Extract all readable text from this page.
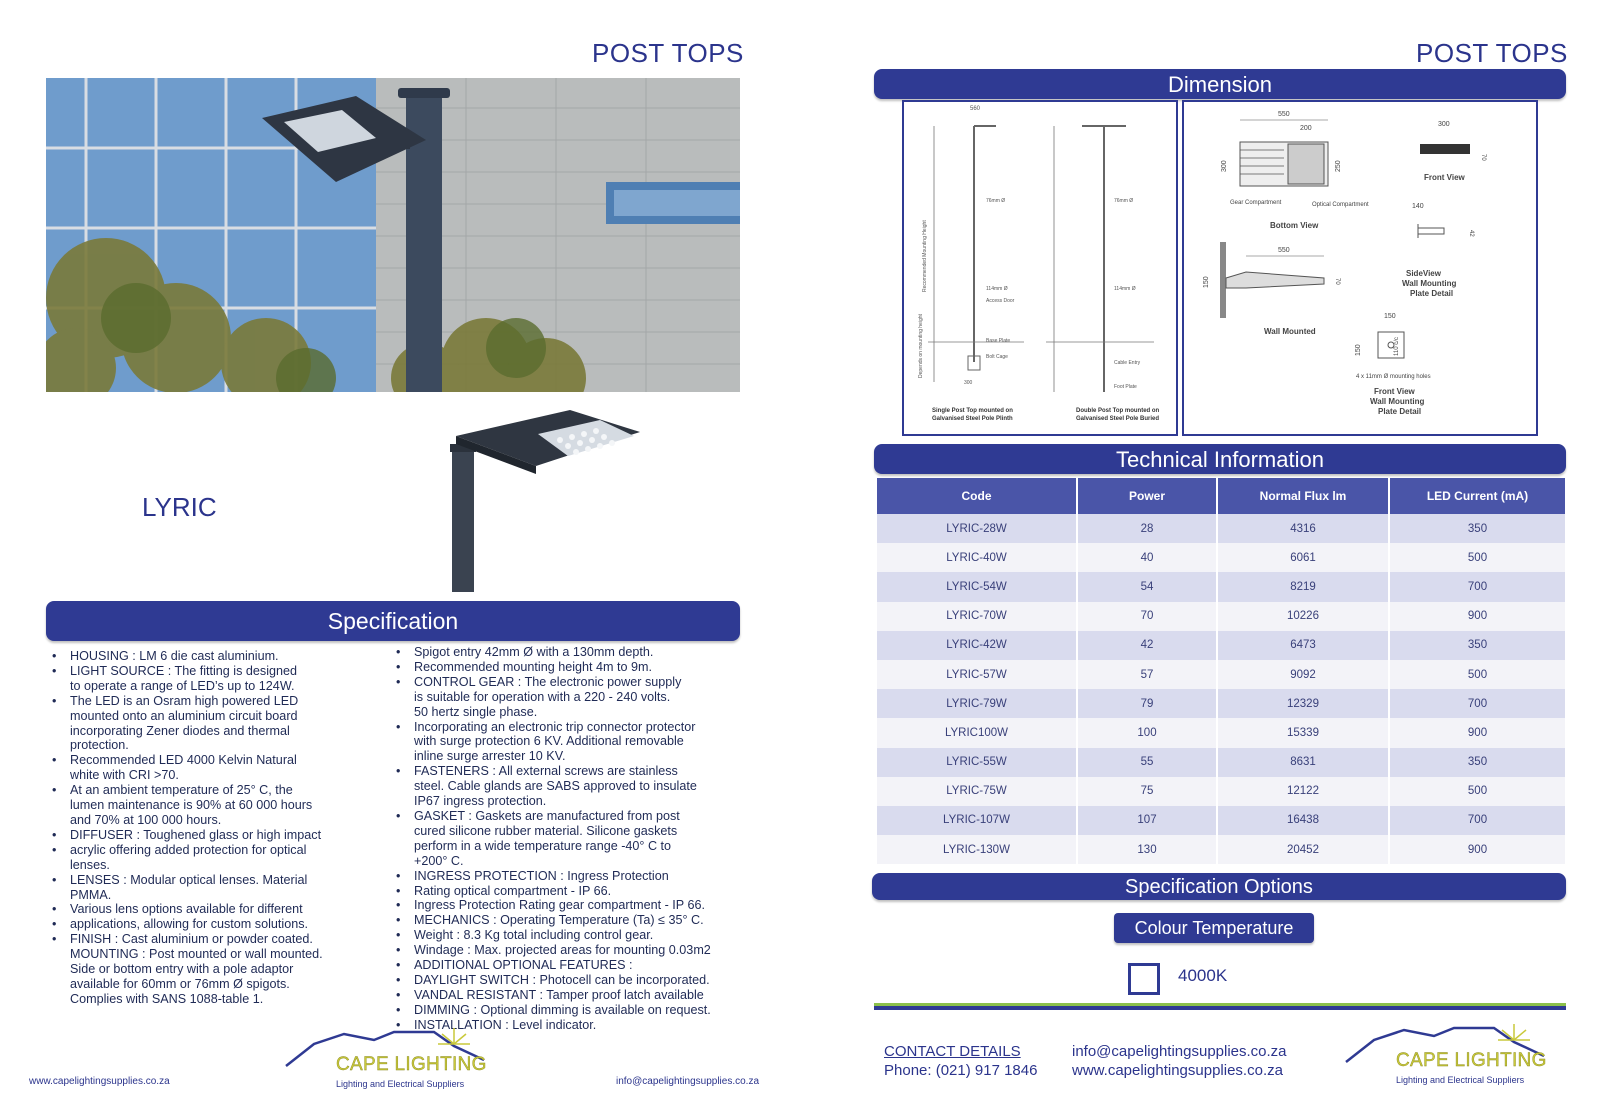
POST TOPS
LYRIC
Specification
• HOUSING : LM 6 die cast aluminium.
• LIGHT SOURCE : The fitting is designed
to operate a range of LED’s up to 124W.
• The LED is an Osram high powered LED
mounted onto an aluminium circuit board
incorporating Zener diodes and thermal
protection.
• Recommended LED 4000 Kelvin Natural
white with CRI >70.
• At an ambient temperature of 25° C, the
lumen maintenance is 90% at 60 000 hours
and 70% at 100 000 hours.
• DIFFUSER : Toughened glass or high impact
• acrylic offering added protection for optical
lenses.
• LENSES : Modular optical lenses. Material
PMMA.
• Various lens options available for different
• applications, allowing for custom solutions.
• FINISH : Cast aluminium or powder coated.
MOUNTING : Post mounted or wall mounted.
Side or bottom entry with a pole adaptor
available for 60mm or 76mm Ø spigots.
Complies with SANS 1088-table 1.
• Spigot entry 42mm Ø with a 130mm depth.
• Recommended mounting height 4m to 9m.
• CONTROL GEAR : The electronic power supply
is suitable for operation with a 220 - 240 volts.
50 hertz single phase.
• Incorporating an electronic trip connector protector
with surge protection 6 KV. Additional removable
inline surge arrester 10 KV.
• FASTENERS : All external screws are stainless
steel. Cable glands are SABS approved to insulate
IP67 ingress protection.
• GASKET : Gaskets are manufactured from post
cured silicone rubber material. Silicone gaskets
perform in a wide temperature range -40° C to
+200° C.
• INGRESS PROTECTION : Ingress Protection
• Rating optical compartment - IP 66.
• Ingress Protection Rating gear compartment - IP 66.
• MECHANICS : Operating Temperature (Ta) ≤ 35° C.
• Weight : 8.3 Kg total including control gear.
• Windage : Max. projected areas for mounting 0.03m2
• ADDITIONAL OPTIONAL FEATURES :
• DAYLIGHT SWITCH : Photocell can be incorporated.
• VANDAL RESISTANT : Tamper proof latch available
• DIMMING : Optional dimming is available on request.
• INSTALLATION : Level indicator.
www.capelightingsupplies.co.za	info@capelightingsupplies.co.za
CAPE LIGHTING
Lighting and Electrical Suppliers
POST TOPS
Dimension
560
76mm Ø
114mm Ø
Access Door
Base Plate
Bolt Cage
300
Recommended Mounting Height
Depends on mounting height
76mm Ø
114mm Ø
Cable Entry
Foot Plate
Single Post Top mounted on
Galvanised Steel Pole Plinth
Double Post Top mounted on
Galvanised Steel Pole Buried
550
200
300	250
Gear Compartment	Optical Compartment
Bottom View
300
70
Front View
140
42
SideView
Wall Mounting
Plate Detail
550
150	70
Wall Mounted
150
150	110 c/c
4 x 11mm Ø mounting holes
Front View
Wall Mounting
Plate Detail
Technical Information
Code	Power	Normal Flux lm	LED Current (mA)
LYRIC-28W	28	4316	350
LYRIC-40W	40	6061	500
LYRIC-54W	54	8219	700
LYRIC-70W	70	10226	900
LYRIC-42W	42	6473	350
LYRIC-57W	57	9092	500
LYRIC-79W	79	12329	700
LYRIC100W	100	15339	900
LYRIC-55W	55	8631	350
LYRIC-75W	75	12122	500
LYRIC-107W	107	16438	700
LYRIC-130W	130	20452	900
Specification Options
Colour Temperature
4000K
CONTACT DETAILS
Phone: (021) 917 1846
info@capelightingsupplies.co.za
www.capelightingsupplies.co.za	CAPE LIGHTING
Lighting and Electrical Suppliers
